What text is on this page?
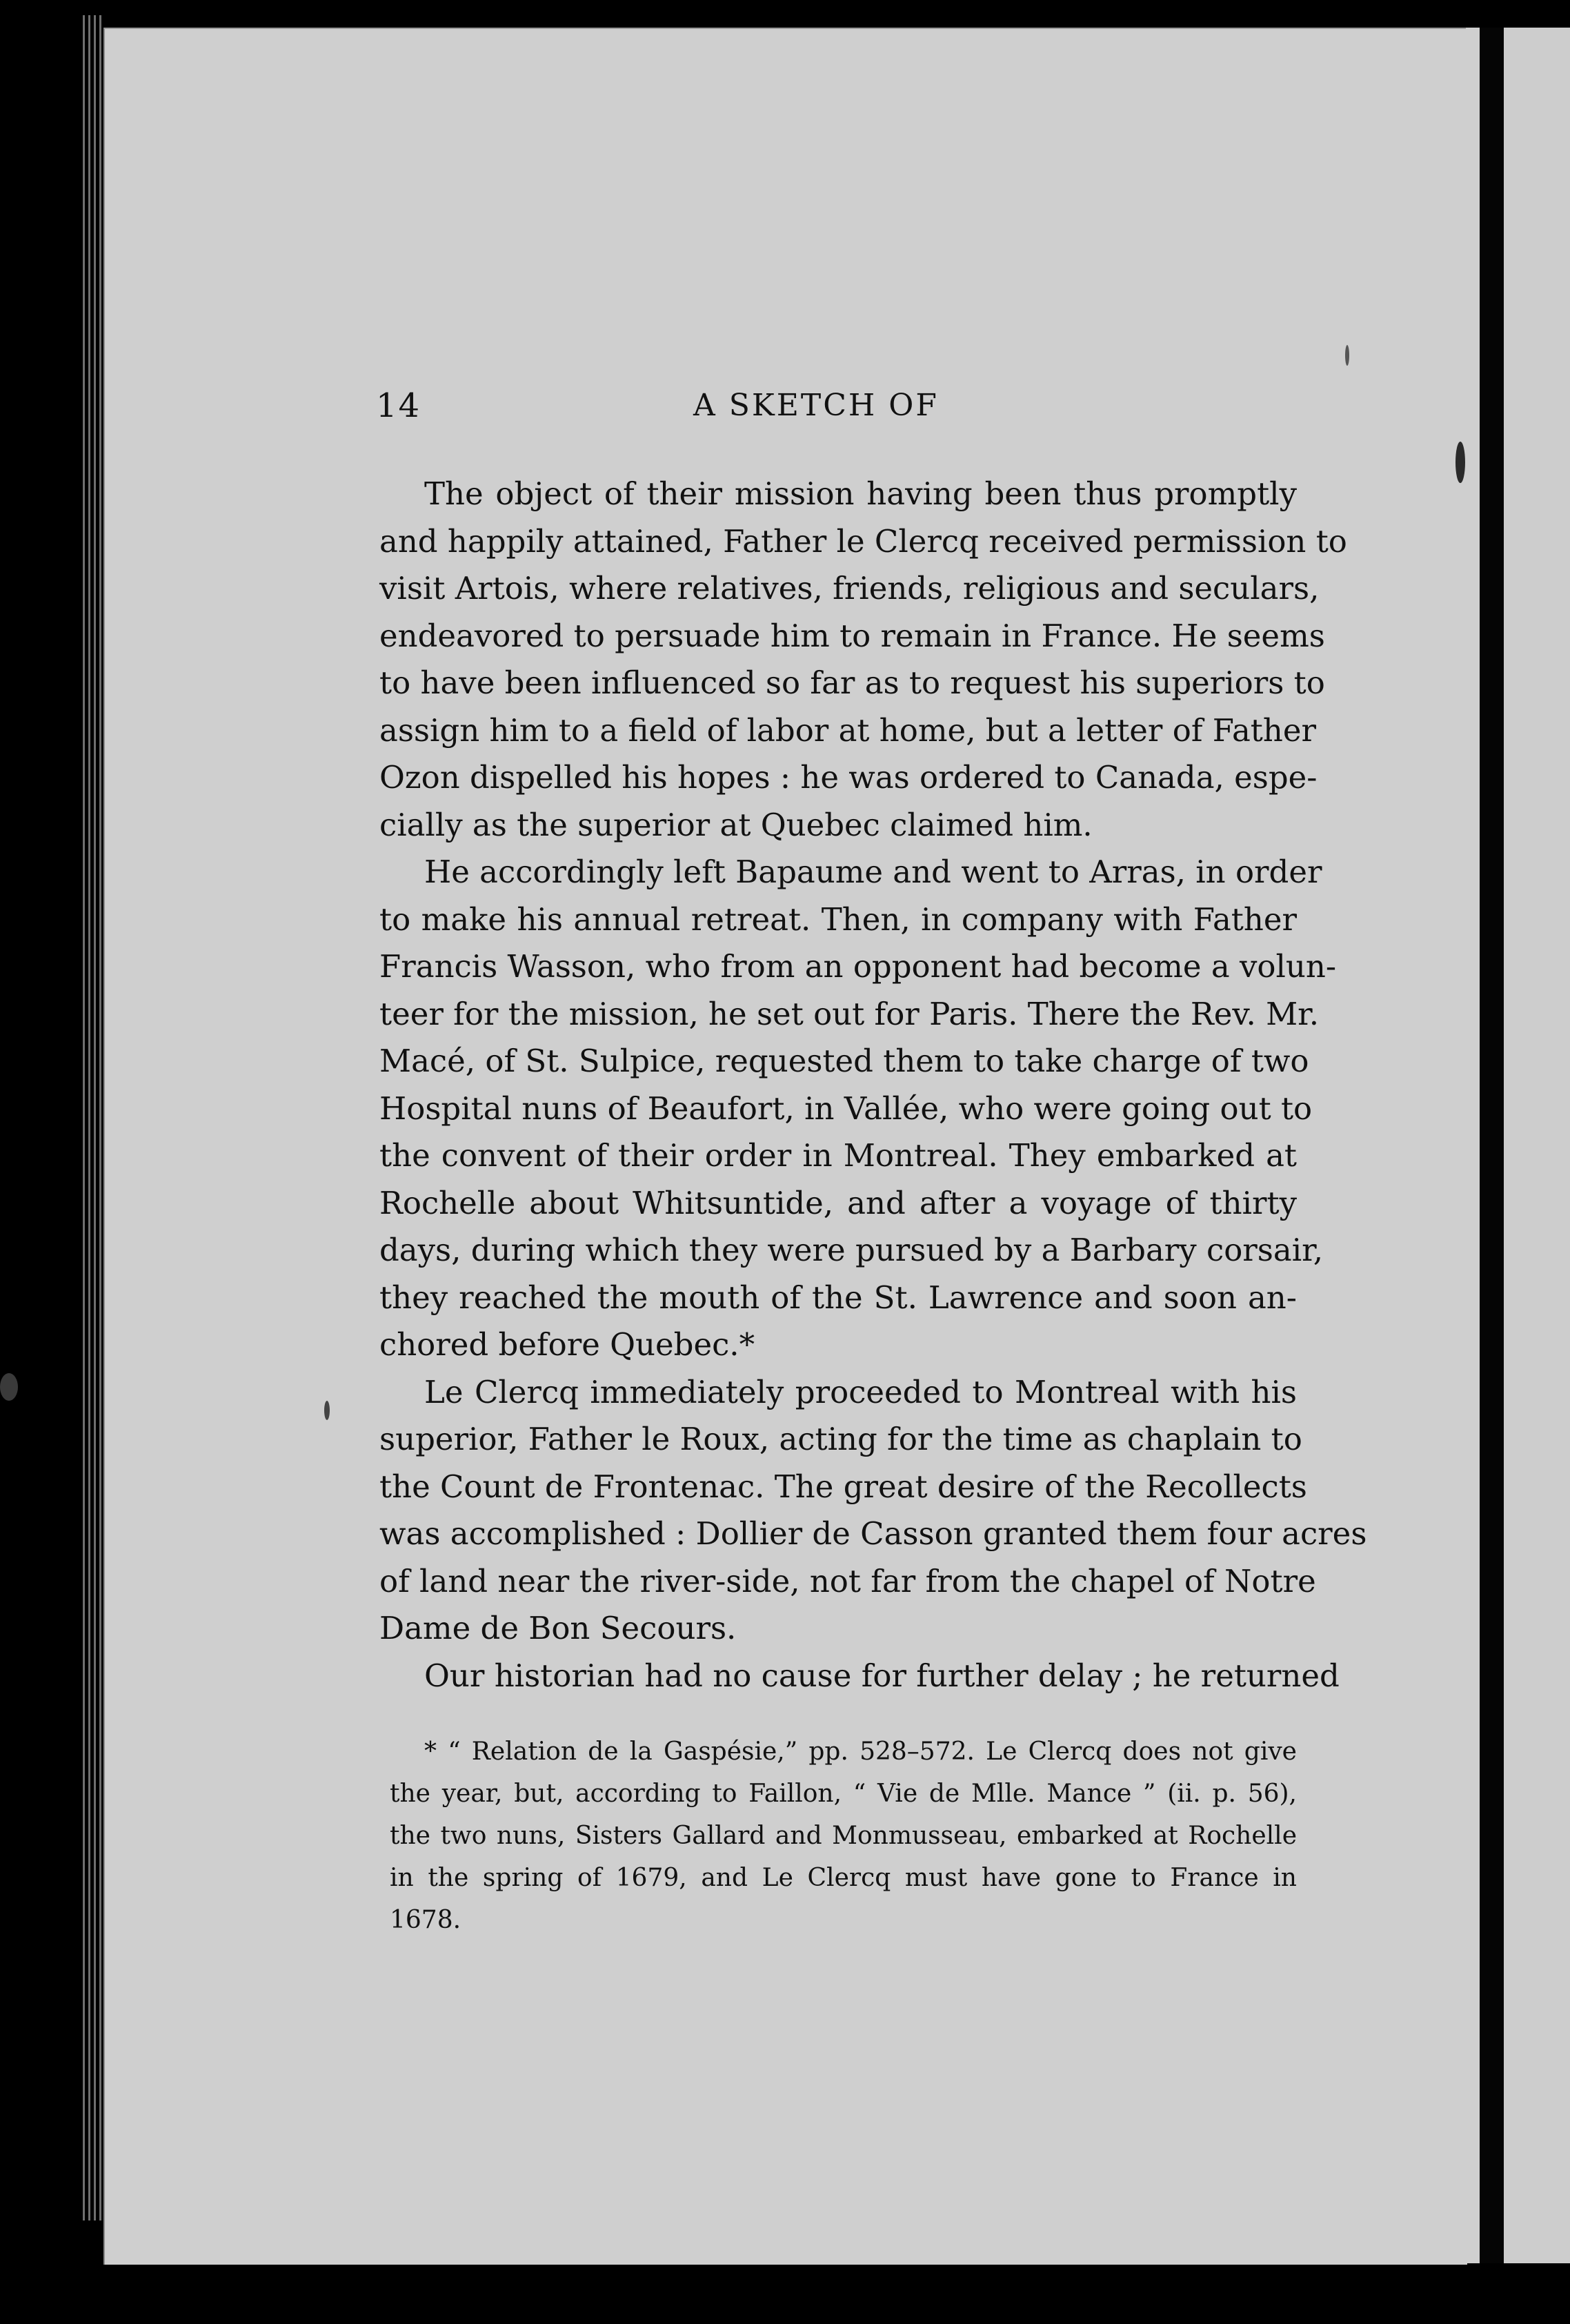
14	A SKETCH OF
The object of their mission having been thus promptly
and happily attained, Father le Clercq received permission to
visit Artois, where relatives, friends, religious and seculars,
endeavored to persuade him to remain in France. He seems
to have been influenced so far as to request his superiors to
assign him to a field of labor at home, but a letter of Father
Ozon dispelled his hopes : he was ordered to Canada, espe-
cially as the superior at Quebec claimed him.
He accordingly left Bapaume and went to Arras, in order
to make his annual retreat. Then, in company with Father
Francis Wasson, who from an opponent had become a volun-
teer for the mission, he set out for Paris. There the Rev. Mr.
Macé, of St. Sulpice, requested them to take charge of two
Hospital nuns of Beaufort, in Vallée, who were going out to
the convent of their order in Montreal. They embarked at
Rochelle about Whitsuntide, and after a voyage of thirty
days, during which they were pursued by a Barbary corsair,
they reached the mouth of the St. Lawrence and soon an-
chored before Quebec.*
Le Clercq immediately proceeded to Montreal with his
superior, Father le Roux, acting for the time as chaplain to
the Count de Frontenac. The great desire of the Recollects
was accomplished : Dollier de Casson granted them four acres
of land near the river-side, not far from the chapel of Notre
Dame de Bon Secours.
Our historian had no cause for further delay ; he returned
* “ Relation de la Gaspésie,” pp. 528–572. Le Clercq does not give
the year, but, according to Faillon, “ Vie de Mlle. Mance ” (ii. p. 56),
the two nuns, Sisters Gallard and Monmusseau, embarked at Rochelle
in the spring of 1679, and Le Clercq must have gone to France in
1678.
